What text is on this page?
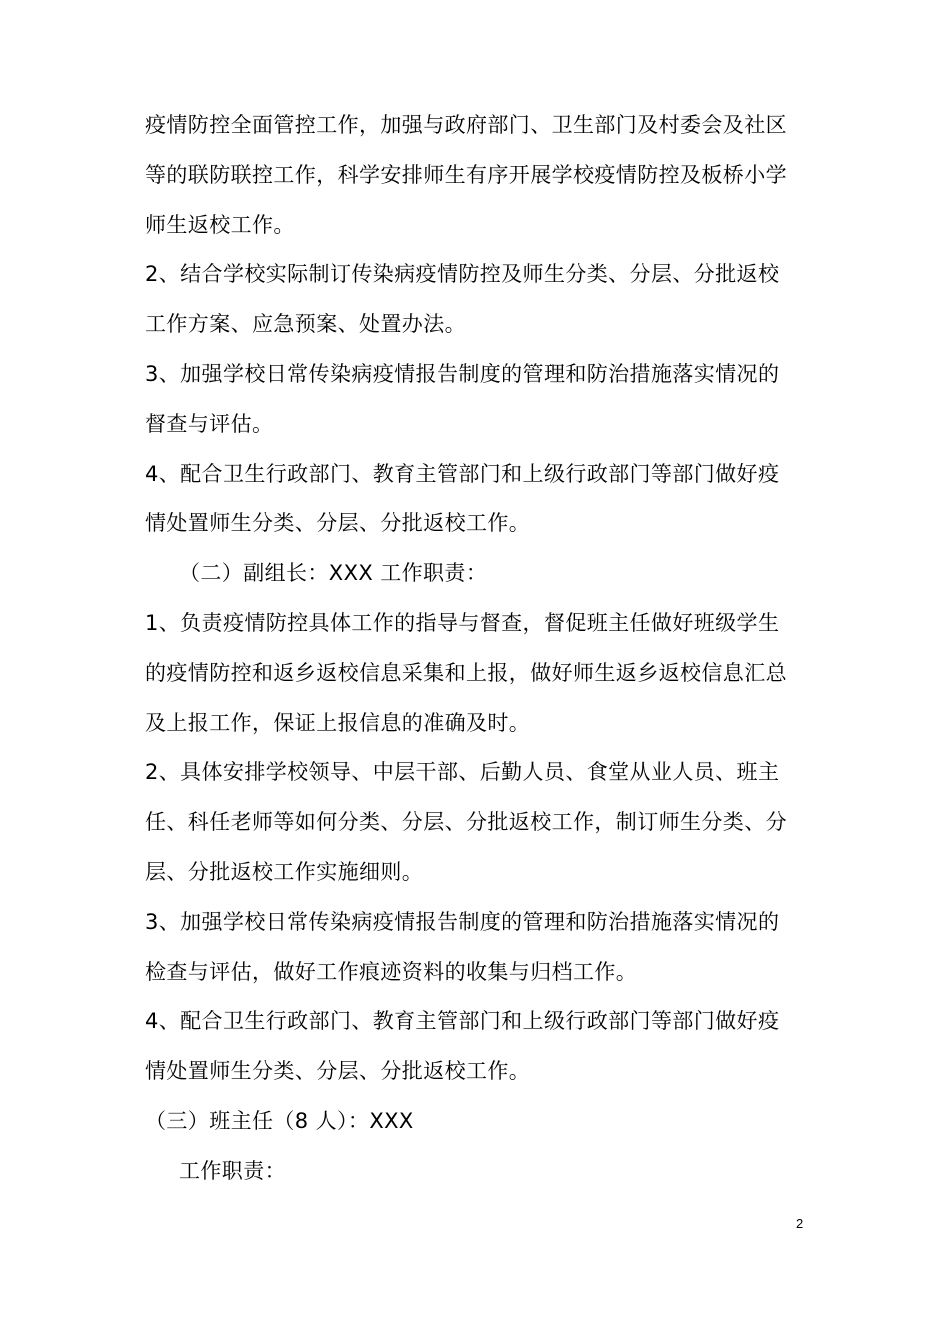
疫情防控全面管控工作，加强与政府部门、卫生部门及村委会及社区
等的联防联控工作，科学安排师生有序开展学校疫情防控及板桥小学
师生返校工作。
2、结合学校实际制订传染病疫情防控及师生分类、分层、分批返校
工作方案、应急预案、处置办法。
3、加强学校日常传染病疫情报告制度的管理和防治措施落实情况的
督查与评估。
4、配合卫生行政部门、教育主管部门和上级行政部门等部门做好疫
情处置师生分类、分层、分批返校工作。
（二）副组长：XXX 工作职责：
1、负责疫情防控具体工作的指导与督查，督促班主任做好班级学生
的疫情防控和返乡返校信息采集和上报，做好师生返乡返校信息汇总
及上报工作，保证上报信息的准确及时。
2、具体安排学校领导、中层干部、后勤人员、食堂从业人员、班主
任、科任老师等如何分类、分层、分批返校工作，制订师生分类、分
层、分批返校工作实施细则。
3、加强学校日常传染病疫情报告制度的管理和防治措施落实情况的
检查与评估，做好工作痕迹资料的收集与归档工作。
4、配合卫生行政部门、教育主管部门和上级行政部门等部门做好疫
情处置师生分类、分层、分批返校工作。
（三）班主任（8 人）：XXX
工作职责：
2
